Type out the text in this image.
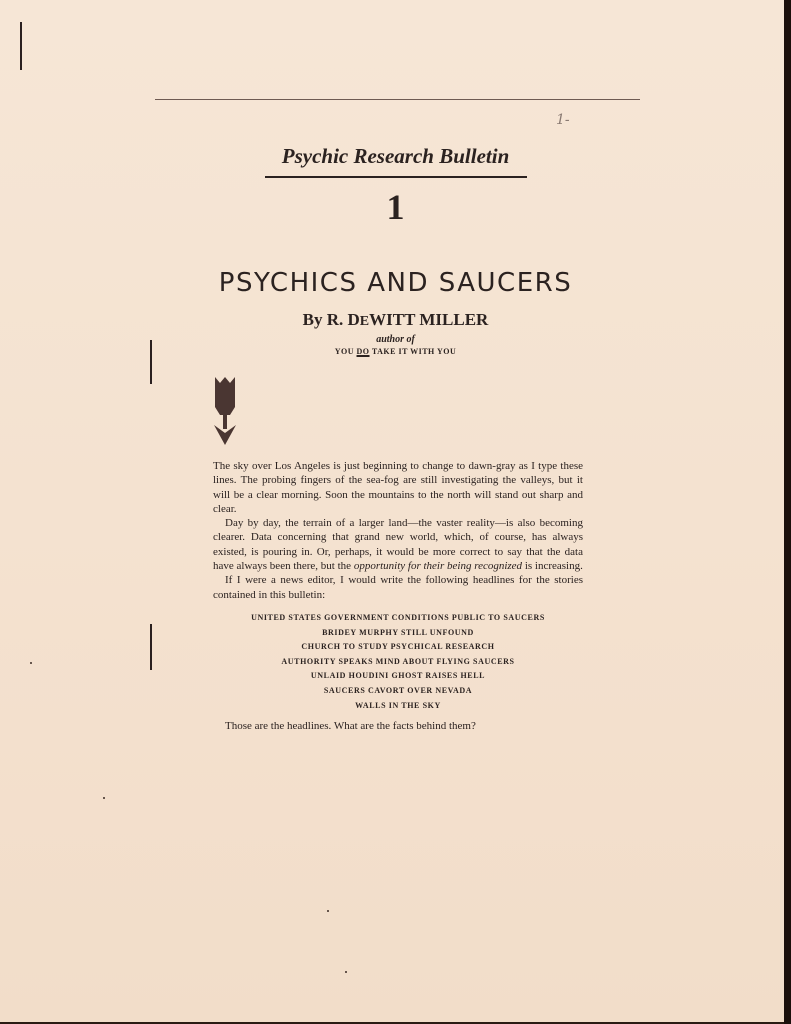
1-
Psychic Research Bulletin
1
PSYCHICS AND SAUCERS
By R. DEWITT MILLER
author of
YOU DO TAKE IT WITH YOU

The sky over Los Angeles is just beginning to change to dawn-gray as I type these lines. The probing fingers of the sea-fog are still investigating the valleys, but it will be a clear morning. Soon the mountains to the north will stand out sharp and clear.

Day by day, the terrain of a larger land—the vaster reality—is also becoming clearer. Data concerning that grand new world, which, of course, has always existed, is pouring in. Or, perhaps, it would be more correct to say that the data have always been there, but the opportunity for their being recognized is increasing.

If I were a news editor, I would write the following headlines for the stories contained in this bulletin:

UNITED STATES GOVERNMENT CONDITIONS PUBLIC TO SAUCERS
BRIDEY MURPHY STILL UNFOUND
CHURCH TO STUDY PSYCHICAL RESEARCH
AUTHORITY SPEAKS MIND ABOUT FLYING SAUCERS
UNLAID HOUDINI GHOST RAISES HELL
SAUCERS CAVORT OVER NEVADA
WALLS IN THE SKY

Those are the headlines. What are the facts behind them?
